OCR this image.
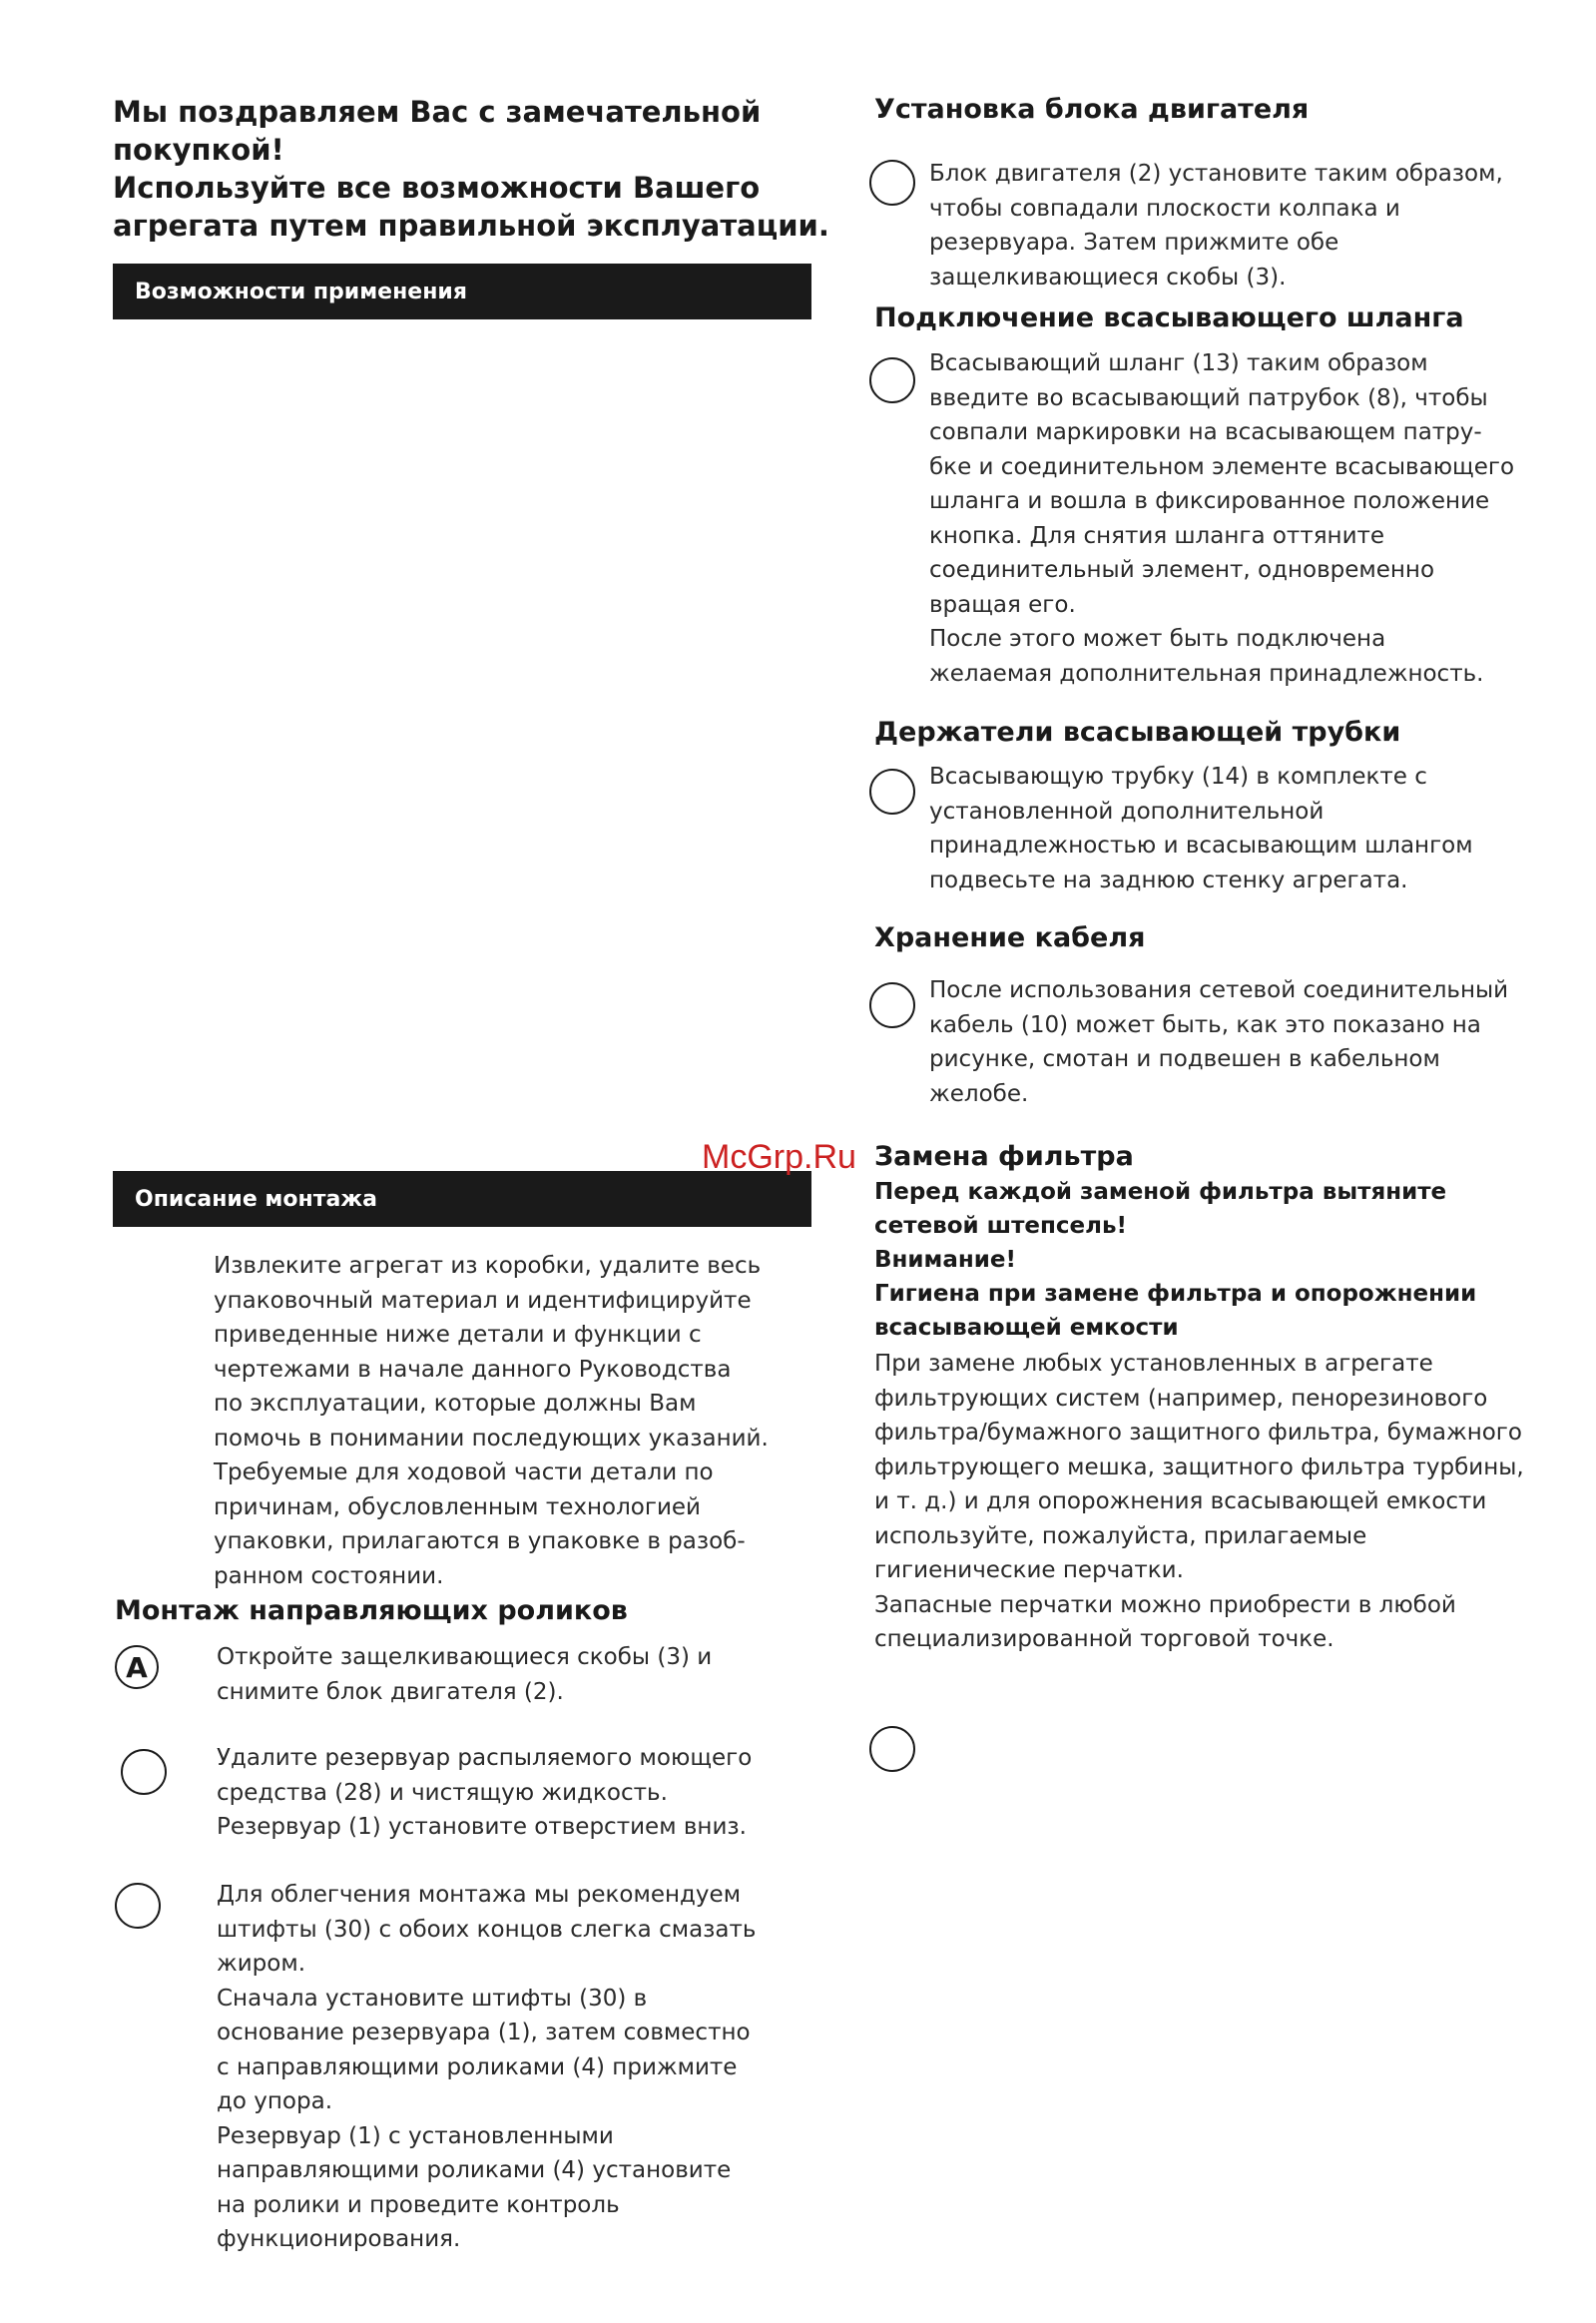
Мы поздравляем Вас с замечательной
покупкой!
Используйте все возможности Вашего
агрегата путем правильной эксплуатации.
Возможности применения
Описание монтажа
Извлеките агрегат из коробки, удалите весь
упаковочный материал и идентифицируйте
приведенные ниже детали и функции с
чертежами в начале данного Руководства
по эксплуатации, которые должны Вам
помочь в понимании последующих указаний.
Требуемые для ходовой части детали по
причинам, обусловленным технологией
упаковки, прилагаются в упаковке в разоб-
ранном состоянии.
Монтаж направляющих роликов
A	Откройте защелкивающиеся скобы (3) и
снимите блок двигателя (2).
Удалите резервуар распыляемого моющего
средства (28) и чистящую жидкость.
Резервуар (1) установите отверстием вниз.
Для облегчения монтажа мы рекомендуем
штифты (30) с обоих концов слегка смазать
жиром.
Сначала установите штифты (30) в
основание резервуара (1), затем совместно
с направляющими роликами (4) прижмите
до упора.
Резервуар (1) с установленными
направляющими роликами (4) установите
на ролики и проведите контроль
функционирования.
Установка блока двигателя
Блок двигателя (2) установите таким образом,
чтобы совпадали плоскости колпака и
резервуара. Затем прижмите обе
защелкивающиеся скобы (3).
Подключение всасывающего шланга
Всасывающий шланг (13) таким образом
введите во всасывающий патрубок (8), чтобы
совпали маркировки на всасывающем патру-
бке и соединительном элементе всасывающего
шланга и вошла в фиксированное положение
кнопка. Для снятия шланга оттяните
соединительный элемент, одновременно
вращая его.
После этого может быть подключена
желаемая дополнительная принадлежность.
Держатели всасывающей трубки
Всасывающую трубку (14) в комплекте с
установленной дополнительной
принадлежностью и всасывающим шлангом
подвесьте на заднюю стенку агрегата.
Хранение кабеля
После использования сетевой соединительный
кабель (10) может быть, как это показано на
рисунке, смотан и подвешен в кабельном
желобе.
Замена фильтра
Перед каждой заменой фильтра вытяните
сетевой штепсель!
Внимание!
Гигиена при замене фильтра и опорожнении
всасывающей емкости
При замене любых установленных в агрегате
фильтрующих систем (например, пенорезинового
фильтра/бумажного защитного фильтра, бумажного
фильтрующего мешка, защитного фильтра турбины,
и т. д.) и для опорожнения всасывающей емкости
используйте, пожалуйста, прилагаемые
гигиенические перчатки.
Запасные перчатки можно приобрести в любой
специализированной торговой точке.
McGrp.Ru
